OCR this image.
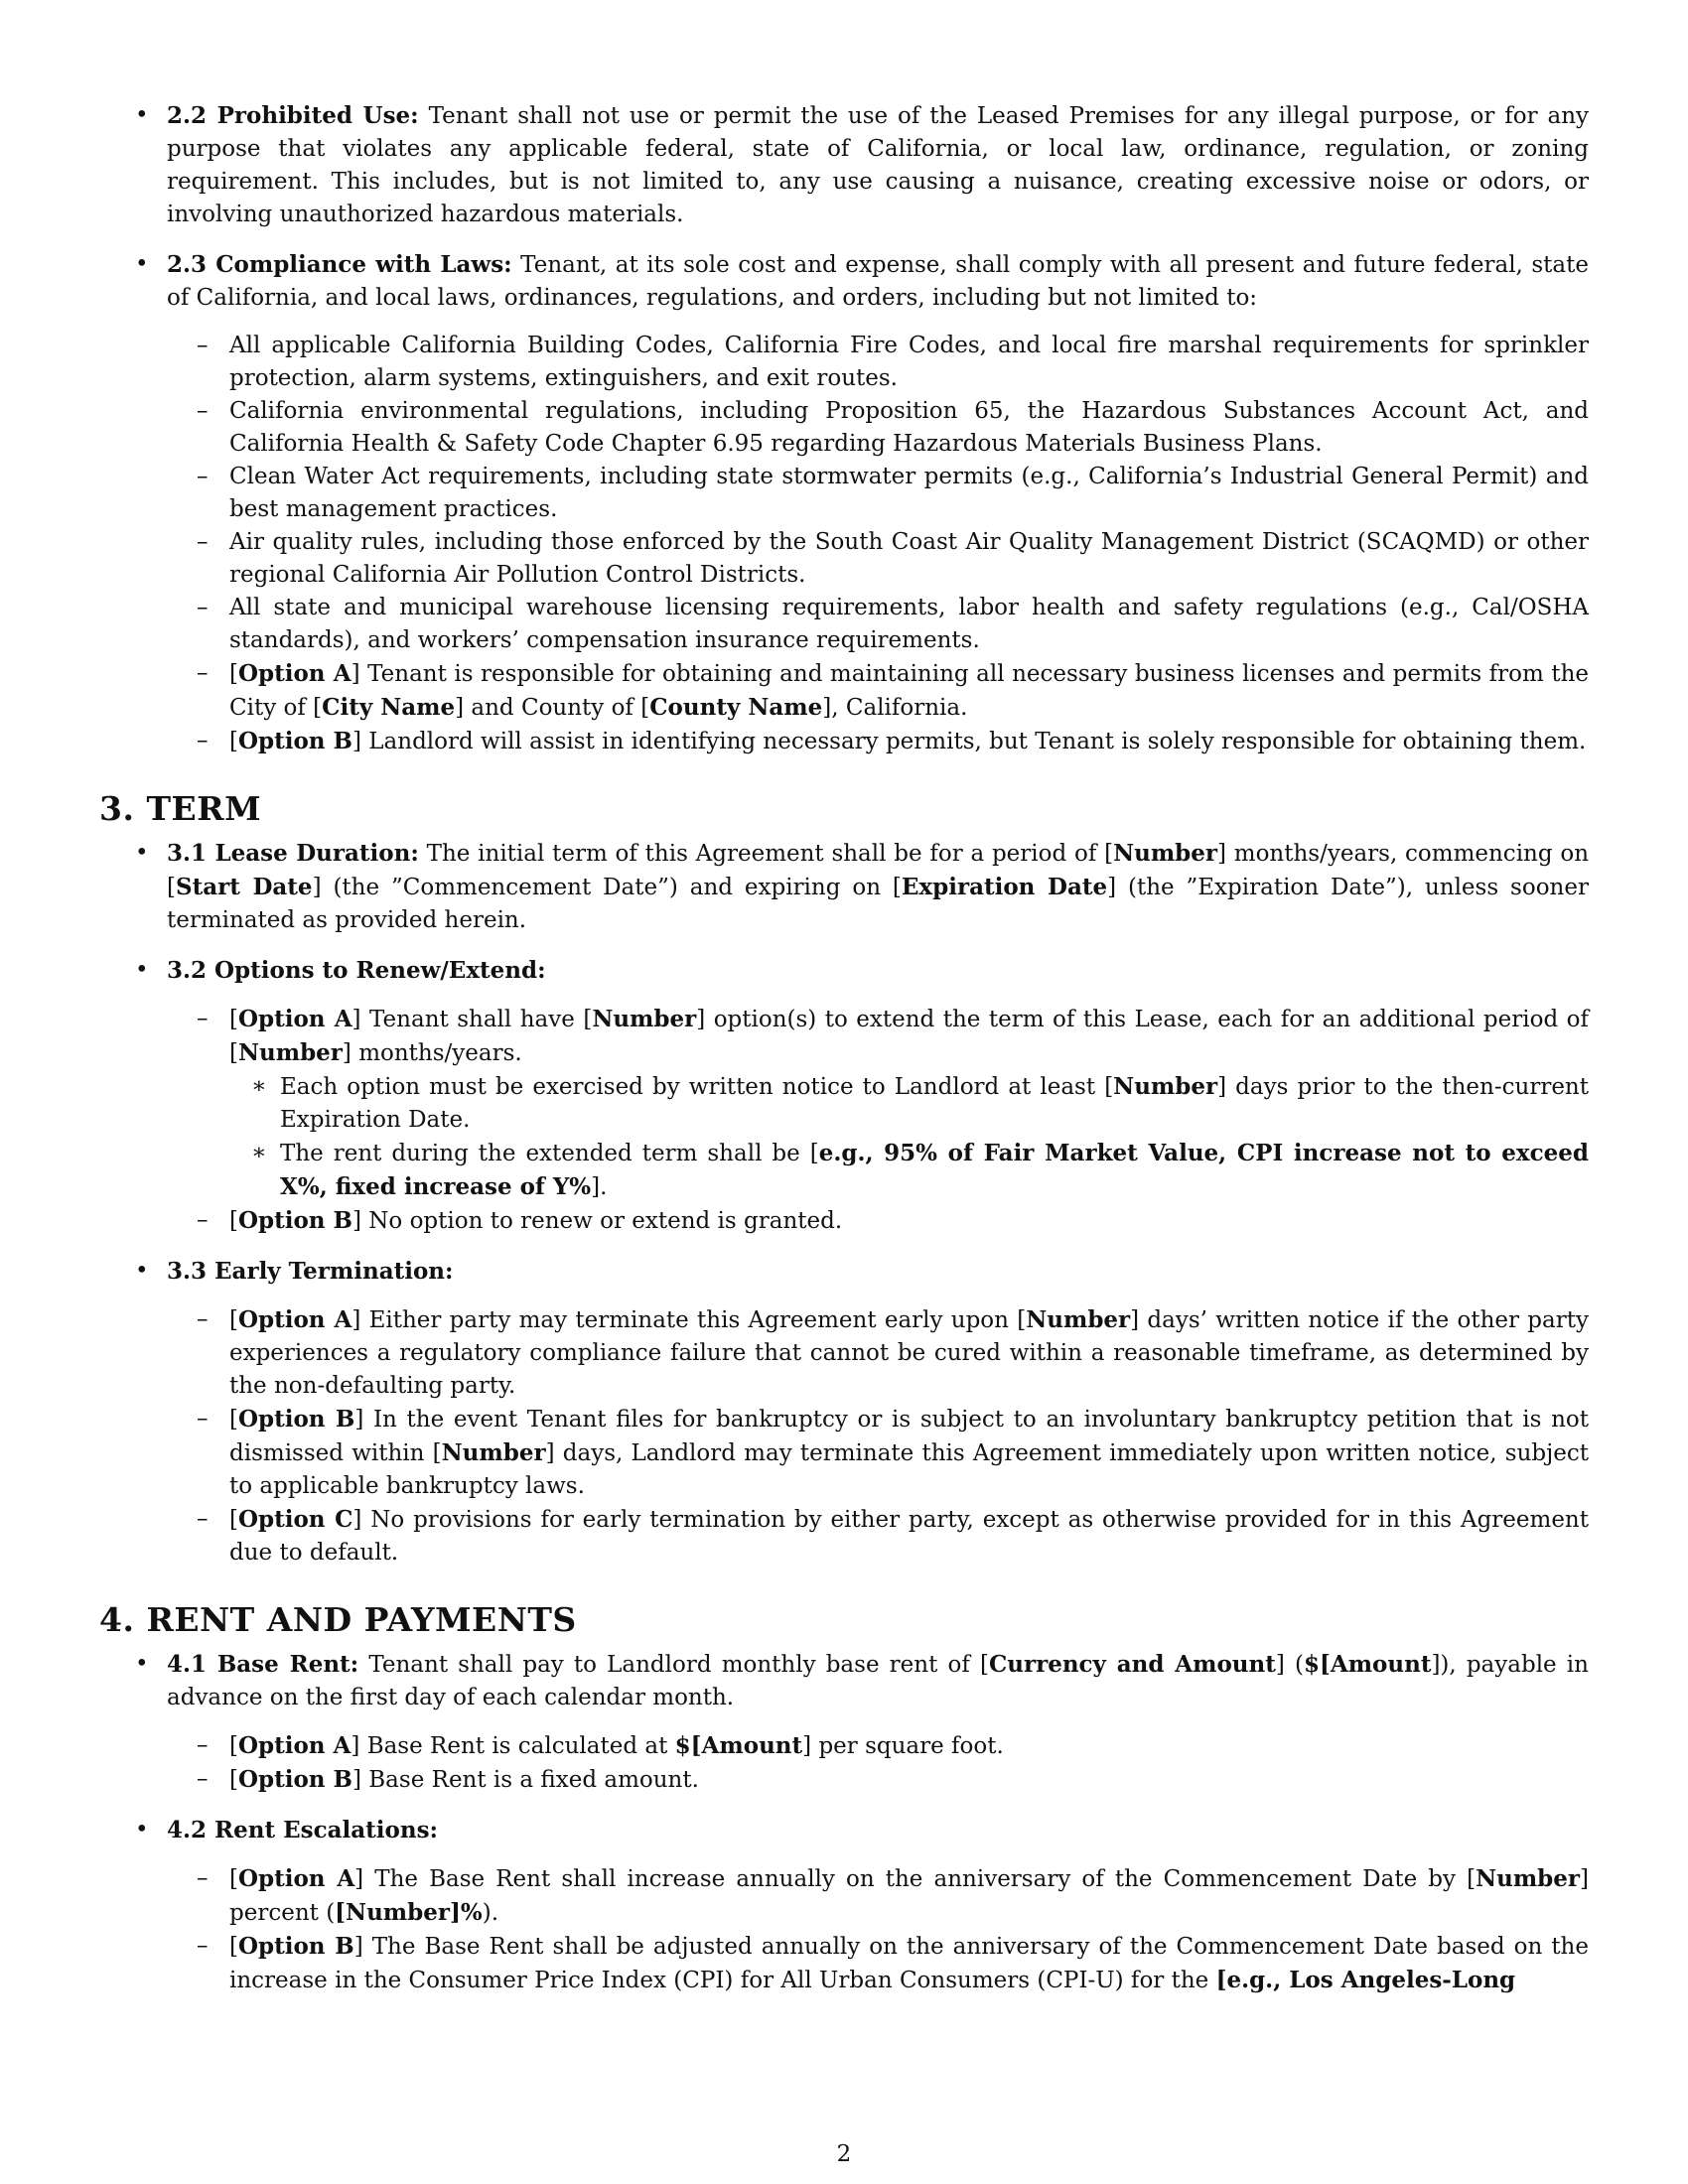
• 2.2 Prohibited Use: Tenant shall not use or permit the use of the Leased Premises for any illegal purpose, or for any purpose that violates any applicable federal, state of California, or local law, ordinance, regulation, or zoning requirement. This includes, but is not limited to, any use causing a nuisance, creating excessive noise or odors, or involving unauthorized hazardous materials.
• 2.3 Compliance with Laws: Tenant, at its sole cost and expense, shall comply with all present and future federal, state of California, and local laws, ordinances, regulations, and orders, including but not limited to:
– All applicable California Building Codes, California Fire Codes, and local fire marshal requirements for sprinkler protection, alarm systems, extinguishers, and exit routes.
– California environmental regulations, including Proposition 65, the Hazardous Substances Account Act, and California Health & Safety Code Chapter 6.95 regarding Hazardous Materials Business Plans.
– Clean Water Act requirements, including state stormwater permits (e.g., California’s Industrial General Permit) and best management practices.
– Air quality rules, including those enforced by the South Coast Air Quality Management District (SCAQMD) or other regional California Air Pollution Control Districts.
– All state and municipal warehouse licensing requirements, labor health and safety regulations (e.g., Cal/OSHA standards), and workers’ compensation insurance requirements.
– [Option A] Tenant is responsible for obtaining and maintaining all necessary business licenses and permits from the City of [City Name] and County of [County Name], California.
– [Option B] Landlord will assist in identifying necessary permits, but Tenant is solely responsible for obtaining them.
3. TERM
• 3.1 Lease Duration: The initial term of this Agreement shall be for a period of [Number] months/years, commencing on [Start Date] (the ”Commencement Date”) and expiring on [Expiration Date] (the ”Expiration Date”), unless sooner terminated as provided herein.
• 3.2 Options to Renew/Extend:
– [Option A] Tenant shall have [Number] option(s) to extend the term of this Lease, each for an additional period of [Number] months/years.
∗ Each option must be exercised by written notice to Landlord at least [Number] days prior to the then-current Expiration Date.
∗ The rent during the extended term shall be [e.g., 95% of Fair Market Value, CPI increase not to exceed X%, fixed increase of Y%].
– [Option B] No option to renew or extend is granted.
• 3.3 Early Termination:
– [Option A] Either party may terminate this Agreement early upon [Number] days’ written notice if the other party experiences a regulatory compliance failure that cannot be cured within a reasonable timeframe, as determined by the non-defaulting party.
– [Option B] In the event Tenant files for bankruptcy or is subject to an involuntary bankruptcy petition that is not dismissed within [Number] days, Landlord may terminate this Agreement immediately upon written notice, subject to applicable bankruptcy laws.
– [Option C] No provisions for early termination by either party, except as otherwise provided for in this Agreement due to default.
4. RENT AND PAYMENTS
• 4.1 Base Rent: Tenant shall pay to Landlord monthly base rent of [Currency and Amount] ($[Amount]), payable in advance on the first day of each calendar month.
– [Option A] Base Rent is calculated at $[Amount] per square foot.
– [Option B] Base Rent is a fixed amount.
• 4.2 Rent Escalations:
– [Option A] The Base Rent shall increase annually on the anniversary of the Commencement Date by [Number] percent ([Number]%).
– [Option B] The Base Rent shall be adjusted annually on the anniversary of the Commencement Date based on the increase in the Consumer Price Index (CPI) for All Urban Consumers (CPI-U) for the [e.g., Los Angeles-Long
2
